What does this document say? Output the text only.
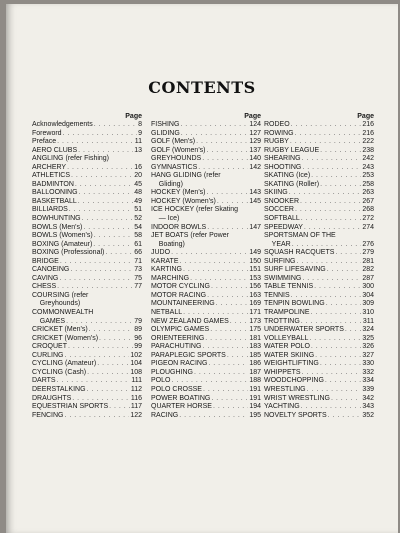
CONTENTS
Page
Acknowledgements . . .	8
Foreword . . .	9
Preface . . .	11
AERO CLUBS . . .	13
ANGLING (refer Fishing)
ARCHERY . . .	16
ATHLETICS . . .	20
BADMINTON . . .	45
BALLOONING . . .	48
BASKETBALL . . .	49
BILLIARDS . . .	51
BOWHUNTING . . .	52
BOWLS (Men's) . . .	54
BOWLS (Women's) . . .	58
BOXING (Amateur) . . .	61
BOXING (Professional) . . .	66
BRIDGE . . .	71
CANOEING . . .	73
CAVING . . .	75
CHESS . . .	77
COURSING (refer
Greyhounds)
COMMONWEALTH
GAMES . . .	79
CRICKET (Men's) . . .	89
CRICKET (Women's) . . .	96
CROQUET . . .	99
CURLING . . .	102
CYCLING (Amateur) . . .	104
CYCLING (Cash) . . .	108
DARTS . . .	111
DEERSTALKING . . .	112
DRAUGHTS . . .	116
EQUESTRIAN SPORTS . . .	117
FENCING . . .	122
Page
FISHING . . .	124
GLIDING . . .	127
GOLF (Men's) . . .	129
GOLF (Women's) . . .	137
GREYHOUNDS . . .	140
GYMNASTICS . . .	142
HANG GLIDING (refer
Gliding)
HOCKEY (Men's) . . .	143
HOCKEY (Women's) . . .	145
ICE HOCKEY (refer Skating
— Ice)
INDOOR BOWLS . . .	147
JET BOATS (refer Power
Boating)
JUDO . . .	149
KARATE . . .	150
KARTING . . .	151
MARCHING . . .	153
MOTOR CYCLING . . .	156
MOTOR RACING . . .	163
MOUNTAINEERING . . .	169
NETBALL . . .	171
NEW ZEALAND GAMES . . .	173
OLYMPIC GAMES . . .	175
ORIENTEERING . . .	181
PARACHUTING . . .	183
PARAPLEGIC SPORTS . . .	185
PIGEON RACING . . .	186
PLOUGHING . . .	187
POLO . . .	188
POLO CROSSE . . .	191
POWER BOATING . . .	191
QUARTER HORSE . . .	194
RACING . . .	195
Page
RODEO . . .	216
ROWING . . .	216
RUGBY . . .	222
RUGBY LEAGUE . . .	238
SHEARING . . .	242
SHOOTING . . .	243
SKATING (Ice) . . .	253
SKATING (Roller) . . .	258
SKIING . . .	263
SNOOKER . . .	267
SOCCER . . .	268
SOFTBALL . . .	272
SPEEDWAY . . .	274
SPORTSMAN OF THE
YEAR . . .	276
SQUASH RACQUETS . . .	279
SURFING . . .	281
SURF LIFESAVING . . .	282
SWIMMING . . .	287
TABLE TENNIS . . .	300
TENNIS . . .	304
TENPIN BOWLING . . .	309
TRAMPOLINE . . .	310
TROTTING . . .	311
UNDERWATER SPORTS . . .	324
VOLLEYBALL . . .	325
WATER POLO . . .	326
WATER SKIING . . .	327
WEIGHTLIFTING . . .	330
WHIPPETS . . .	332
WOODCHOPPING . . .	334
WRESTLING . . .	339
WRIST WRESTLING . . .	342
YACHTING . . .	343
NOVELTY SPORTS . . .	352
